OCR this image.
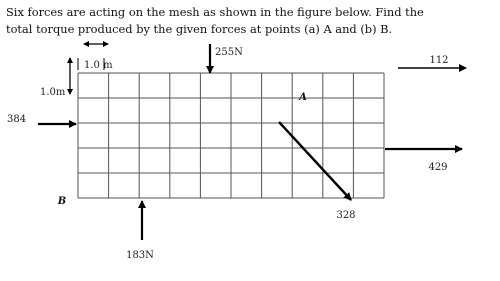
Six forces are acting on the mesh as shown in the figure below. Find the
total torque produced by the given forces at points (a) A and (b) B.
1.0 m
1.0m
255N
112
384
429
328
183N
A
B
